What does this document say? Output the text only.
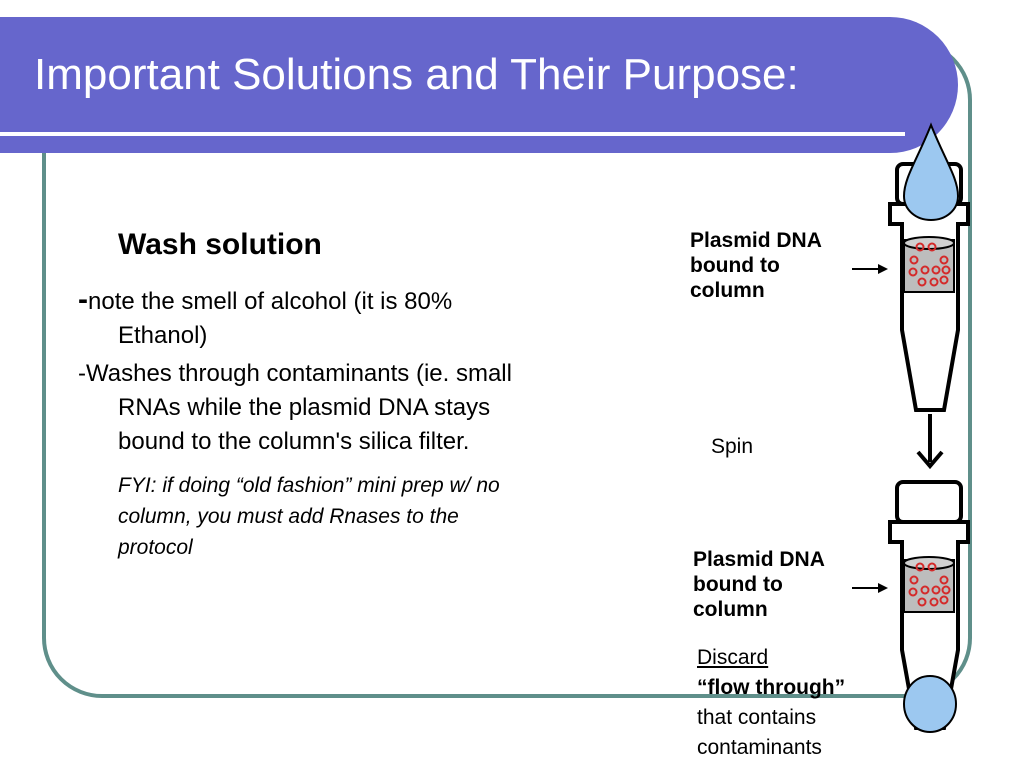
Important Solutions and Their Purpose:
Wash solution
-note the smell of alcohol (it is 80%
Ethanol)
-Washes through contaminants (ie. small
RNAs while the plasmid DNA stays
bound to the column's silica filter.
FYI: if doing “old fashion” mini prep w/ no
column, you must add Rnases to the
protocol
Plasmid DNA
bound to
column
Spin
Plasmid DNA
bound to
column
Discard
“flow through”
that contains
contaminants
